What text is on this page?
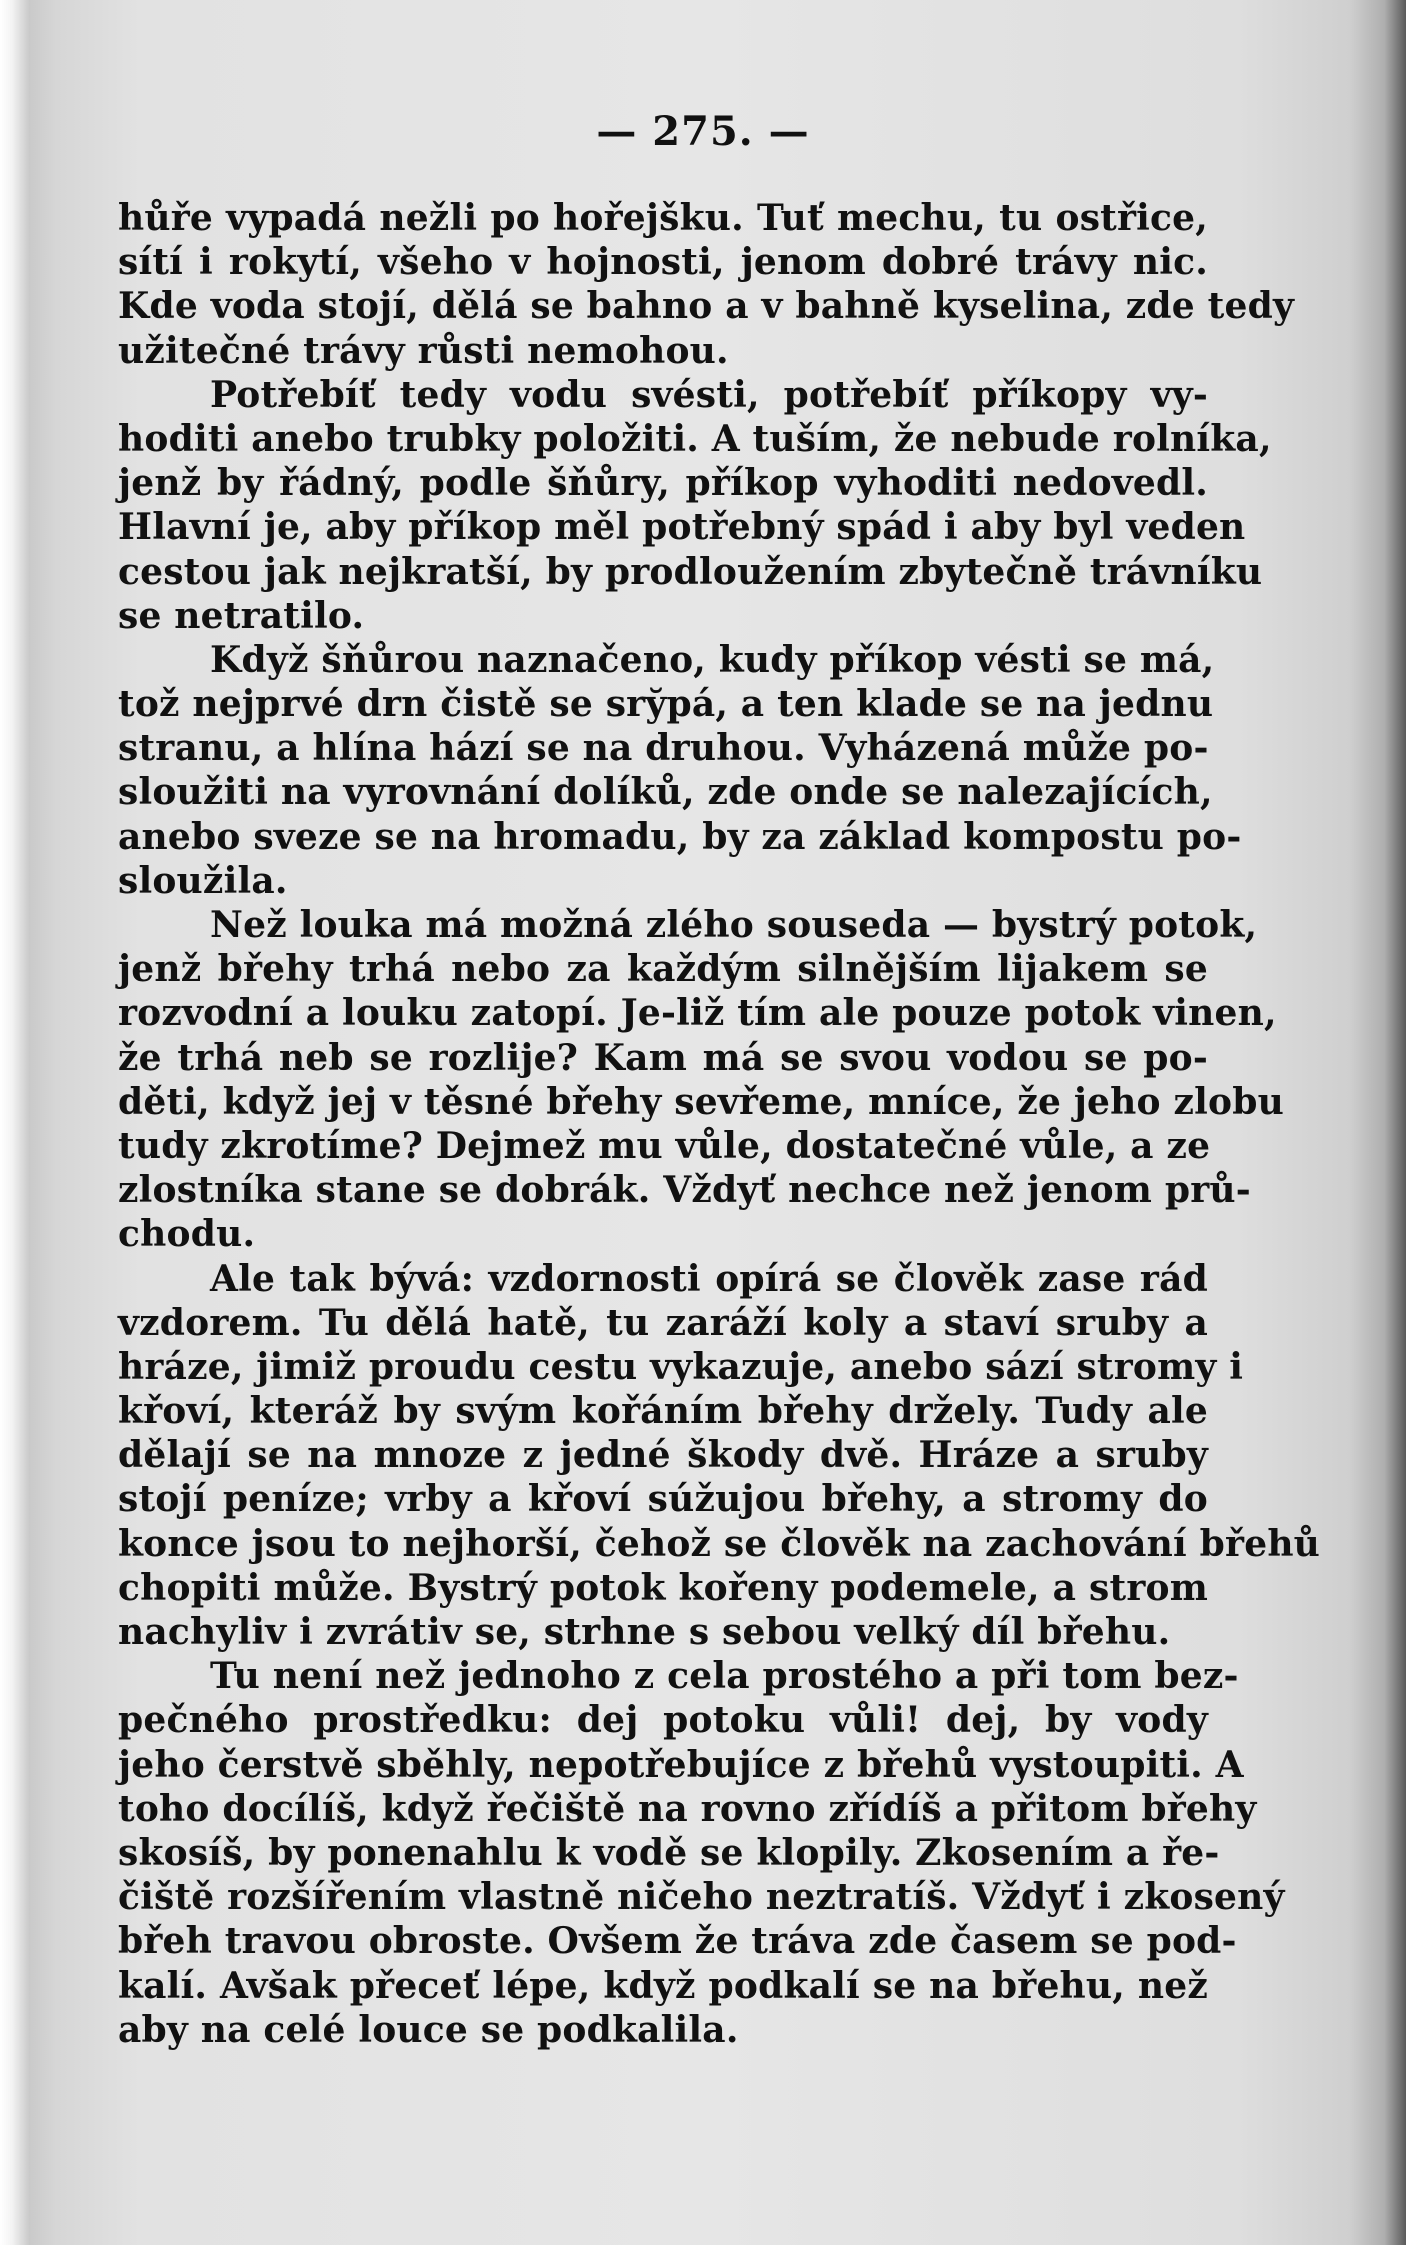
— 275. —
hůře vypadá nežli po hořejšku. Tuť mechu, tu ostřice,
sítí i rokytí, všeho v hojnosti, jenom dobré trávy nic.
Kde voda stojí, dělá se bahno a v bahně kyselina, zde tedy
užitečné trávy růsti nemohou.
Potřebíť tedy vodu svésti, potřebíť příkopy vy-
hoditi anebo trubky položiti. A tuším, že nebude rolníka,
jenž by řádný, podle šňůry, příkop vyhoditi nedovedl.
Hlavní je, aby příkop měl potřebný spád i aby byl veden
cestou jak nejkratší, by prodloužením zbytečně trávníku
se netratilo.
Když šňůrou naznačeno, kudy příkop vésti se má,
tož nejprvé drn čistě se sry̆pá, a ten klade se na jednu
stranu, a hlína hází se na druhou. Vyházená může po-
sloužiti na vyrovnání dolíků, zde onde se nalezajících,
anebo sveze se na hromadu, by za základ kompostu po-
sloužila.
Než louka má možná zlého souseda — bystrý potok,
jenž břehy trhá nebo za každým silnějším lijakem se
rozvodní a louku zatopí. Je-liž tím ale pouze potok vinen,
že trhá neb se rozlije? Kam má se svou vodou se po-
děti, když jej v těsné břehy sevřeme, mníce, že jeho zlobu
tudy zkrotíme? Dejmež mu vůle, dostatečné vůle, a ze
zlostníka stane se dobrák. Vždyť nechce než jenom prů-
chodu.
Ale tak bývá: vzdornosti opírá se člověk zase rád
vzdorem. Tu dělá hatě, tu zaráží koly a staví sruby a
hráze, jimiž proudu cestu vykazuje, anebo sází stromy i
křoví, kteráž by svým kořáním břehy držely. Tudy ale
dělají se na mnoze z jedné škody dvě. Hráze a sruby
stojí peníze; vrby a křoví súžujou břehy, a stromy do
konce jsou to nejhorší, čehož se člověk na zachování břehů
chopiti může. Bystrý potok kořeny podemele, a strom
nachyliv i zvrátiv se, strhne s sebou velký díl břehu.
Tu není než jednoho z cela prostého a při tom bez-
pečného prostředku: dej potoku vůli! dej, by vody
jeho čerstvě sběhly, nepotřebujíce z břehů vystoupiti. A
toho docílíš, když řečiště na rovno zřídíš a přitom břehy
skosíš, by ponenahlu k vodě se klopily. Zkosením a ře-
čiště rozšířením vlastně ničeho neztratíš. Vždyť i zkosený
břeh travou obroste. Ovšem že tráva zde časem se pod-
kalí. Avšak přeceť lépe, když podkalí se na břehu, než
aby na celé louce se podkalila.
